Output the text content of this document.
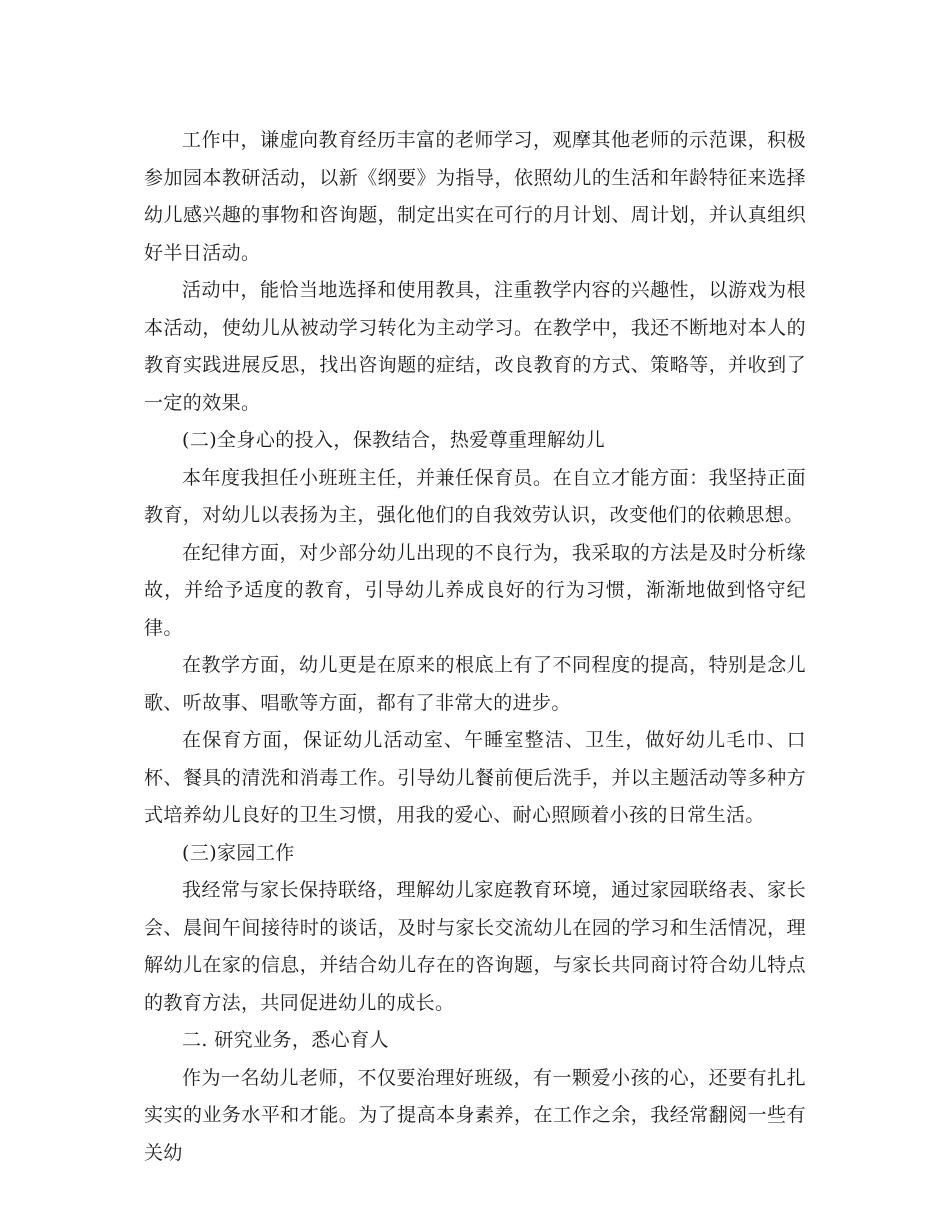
工作中，谦虚向教育经历丰富的老师学习，观摩其他老师的示范课，积极参加园本教研活动，以新《纲要》为指导，依照幼儿的生活和年龄特征来选择幼儿感兴趣的事物和咨询题，制定出实在可行的月计划、周计划，并认真组织好半日活动。

活动中，能恰当地选择和使用教具，注重教学内容的兴趣性，以游戏为根本活动，使幼儿从被动学习转化为主动学习。在教学中，我还不断地对本人的教育实践进展反思，找出咨询题的症结，改良教育的方式、策略等，并收到了一定的效果。

(二)全身心的投入，保教结合，热爱尊重理解幼儿

本年度我担任小班班主任，并兼任保育员。在自立才能方面：我坚持正面教育，对幼儿以表扬为主，强化他们的自我效劳认识，改变他们的依赖思想。

在纪律方面，对少部分幼儿出现的不良行为，我采取的方法是及时分析缘故，并给予适度的教育，引导幼儿养成良好的行为习惯，渐渐地做到恪守纪律。

在教学方面，幼儿更是在原来的根底上有了不同程度的提高，特别是念儿歌、听故事、唱歌等方面，都有了非常大的进步。

在保育方面，保证幼儿活动室、午睡室整洁、卫生，做好幼儿毛巾、口杯、餐具的清洗和消毒工作。引导幼儿餐前便后洗手，并以主题活动等多种方式培养幼儿良好的卫生习惯，用我的爱心、耐心照顾着小孩的日常生活。

(三)家园工作

我经常与家长保持联络，理解幼儿家庭教育环境，通过家园联络表、家长会、晨间午间接待时的谈话，及时与家长交流幼儿在园的学习和生活情况，理解幼儿在家的信息，并结合幼儿存在的咨询题，与家长共同商讨符合幼儿特点的教育方法，共同促进幼儿的成长。

二. 研究业务，悉心育人

作为一名幼儿老师，不仅要治理好班级，有一颗爱小孩的心，还要有扎扎实实的业务水平和才能。为了提高本身素养，在工作之余，我经常翻阅一些有关幼
